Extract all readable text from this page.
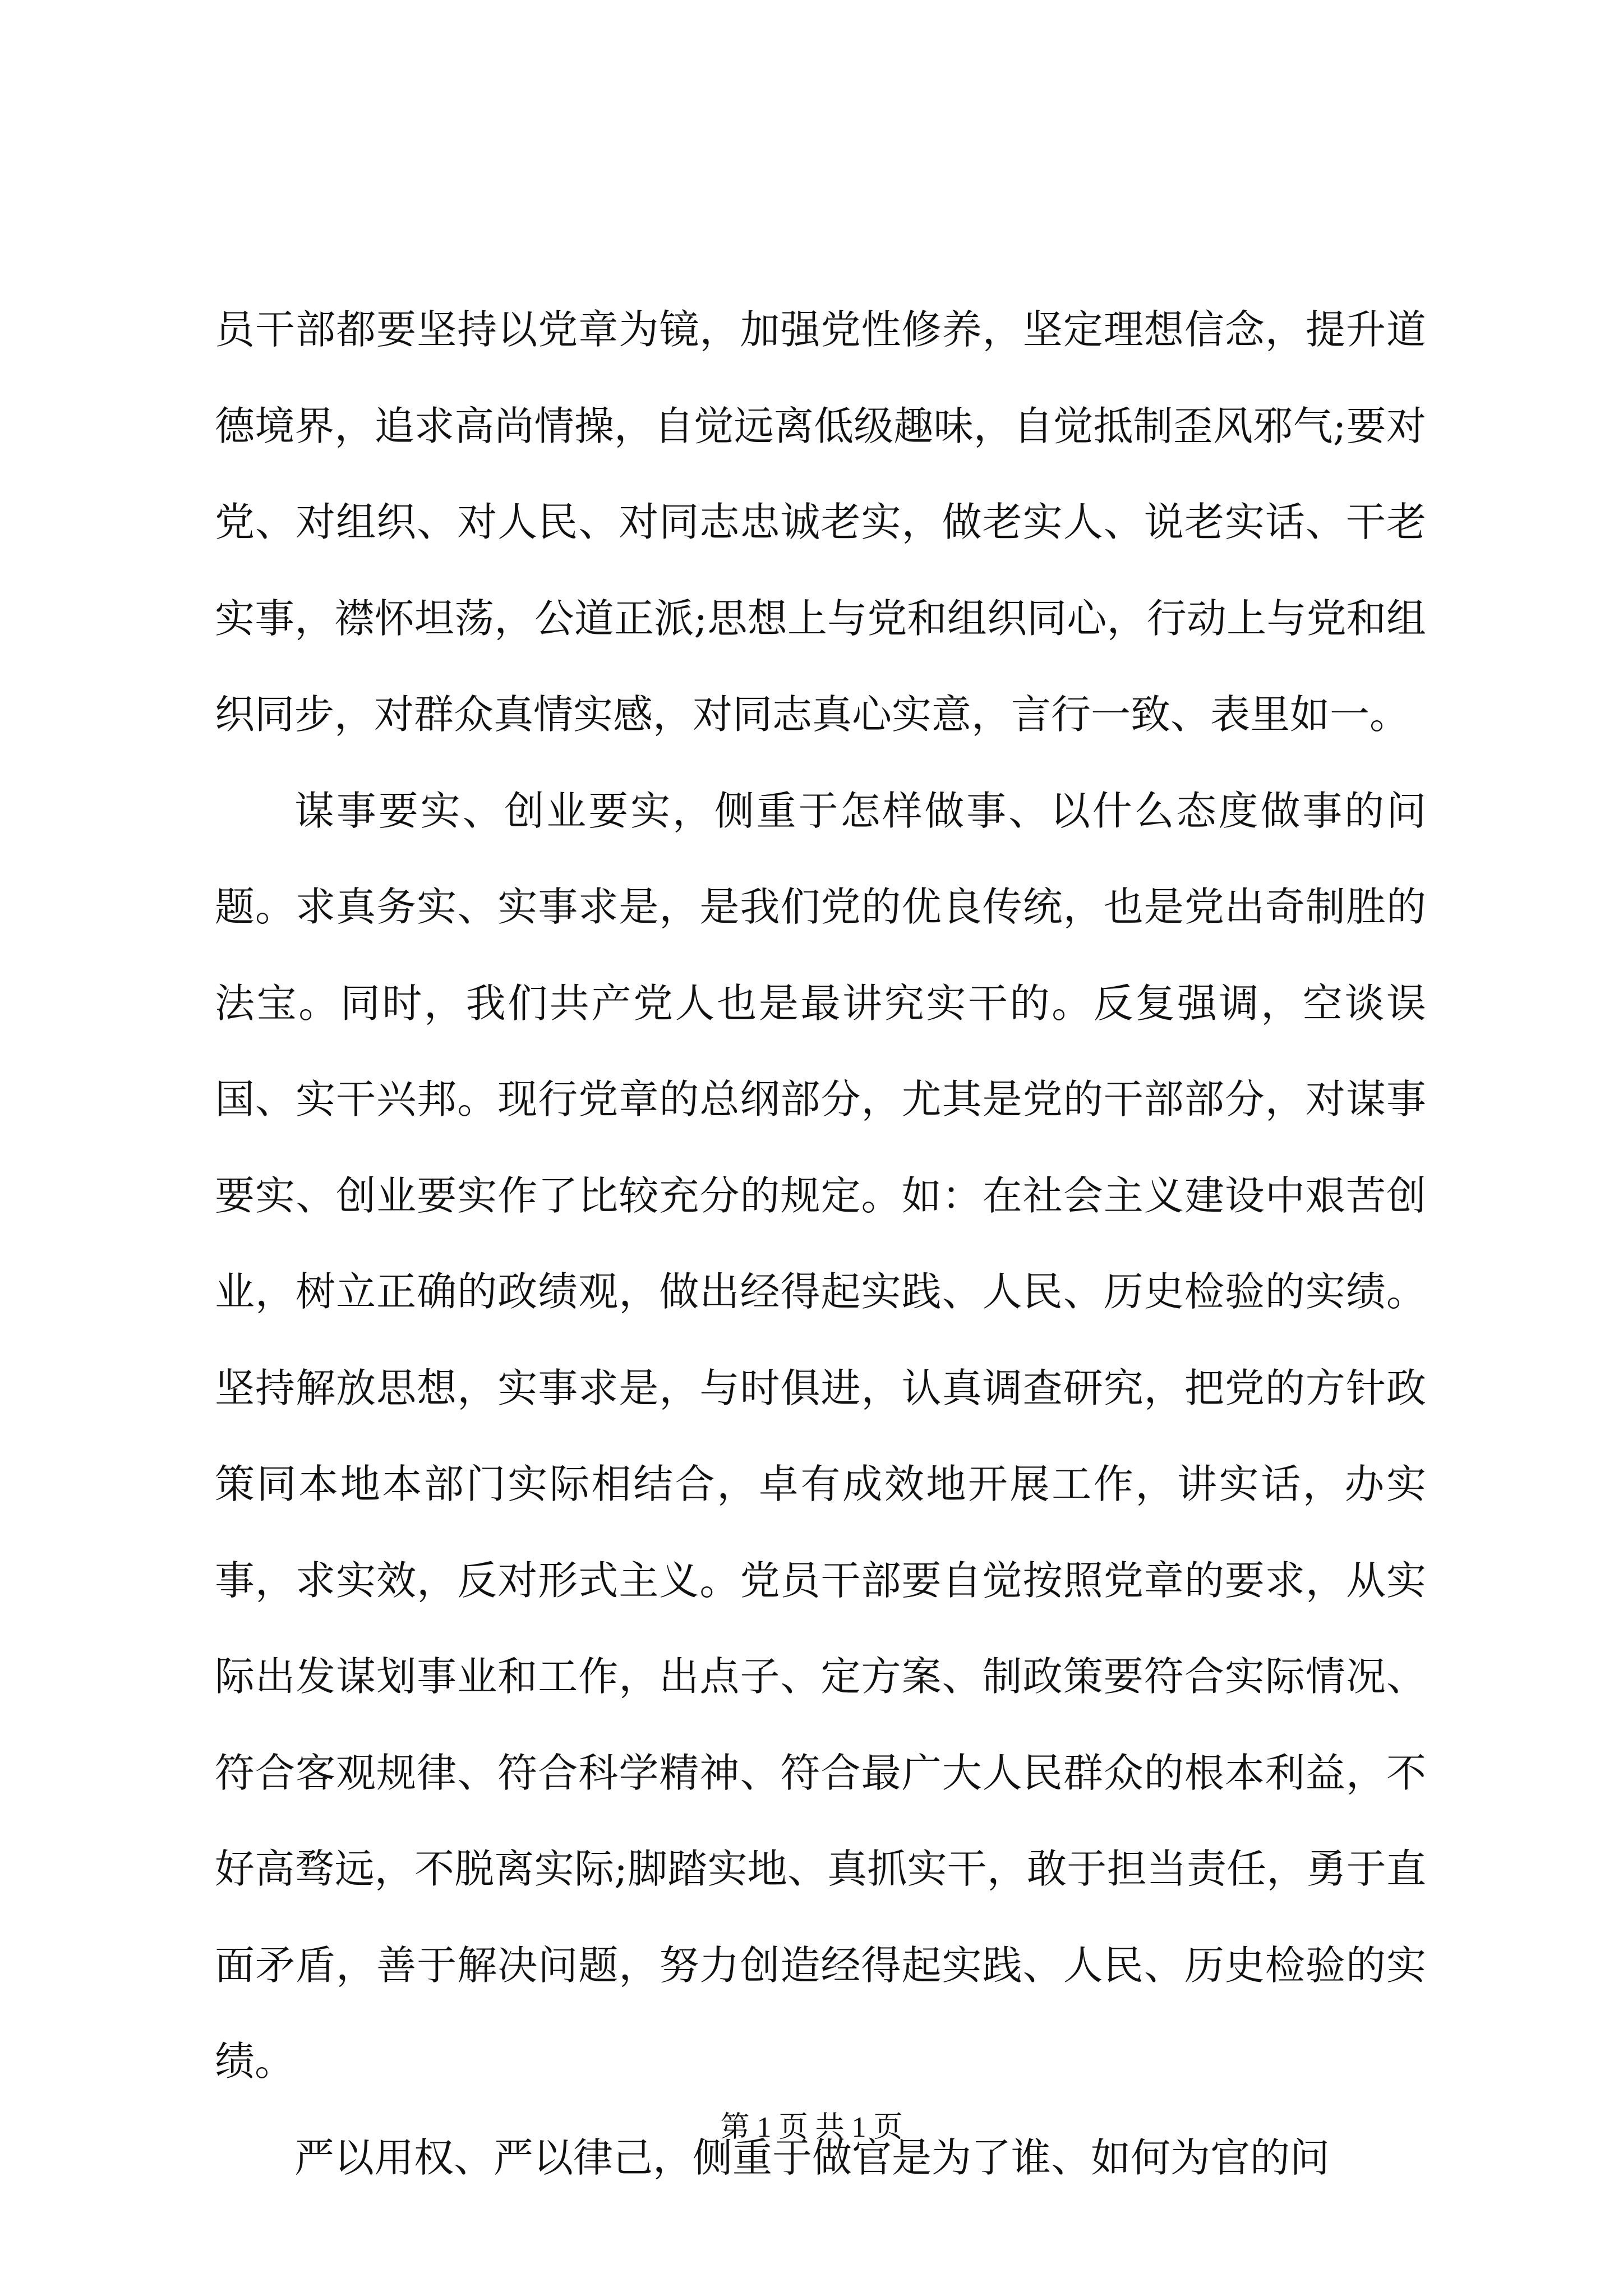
员干部都要坚持以党章为镜，加强党性修养，坚定理想信念，提升道德境界，追求高尚情操，自觉远离低级趣味，自觉抵制歪风邪气;要对党、对组织、对人民、对同志忠诚老实，做老实人、说老实话、干老实事，襟怀坦荡，公道正派;思想上与党和组织同心，行动上与党和组织同步，对群众真情实感，对同志真心实意，言行一致、表里如一。

谋事要实、创业要实，侧重于怎样做事、以什么态度做事的问题。求真务实、实事求是，是我们党的优良传统，也是党出奇制胜的法宝。同时，我们共产党人也是最讲究实干的。反复强调，空谈误国、实干兴邦。现行党章的总纲部分，尤其是党的干部部分，对谋事要实、创业要实作了比较充分的规定。如：在社会主义建设中艰苦创业，树立正确的政绩观，做出经得起实践、人民、历史检验的实绩。坚持解放思想，实事求是，与时俱进，认真调查研究，把党的方针政策同本地本部门实际相结合，卓有成效地开展工作，讲实话，办实事，求实效，反对形式主义。党员干部要自觉按照党章的要求，从实际出发谋划事业和工作，出点子、定方案、制政策要符合实际情况、符合客观规律、符合科学精神、符合最广大人民群众的根本利益，不好高骛远，不脱离实际;脚踏实地、真抓实干，敢于担当责任，勇于直面矛盾，善于解决问题，努力创造经得起实践、人民、历史检验的实绩。

严以用权、严以律己，侧重于做官是为了谁、如何为官的问

第 1 页 共 1 页
